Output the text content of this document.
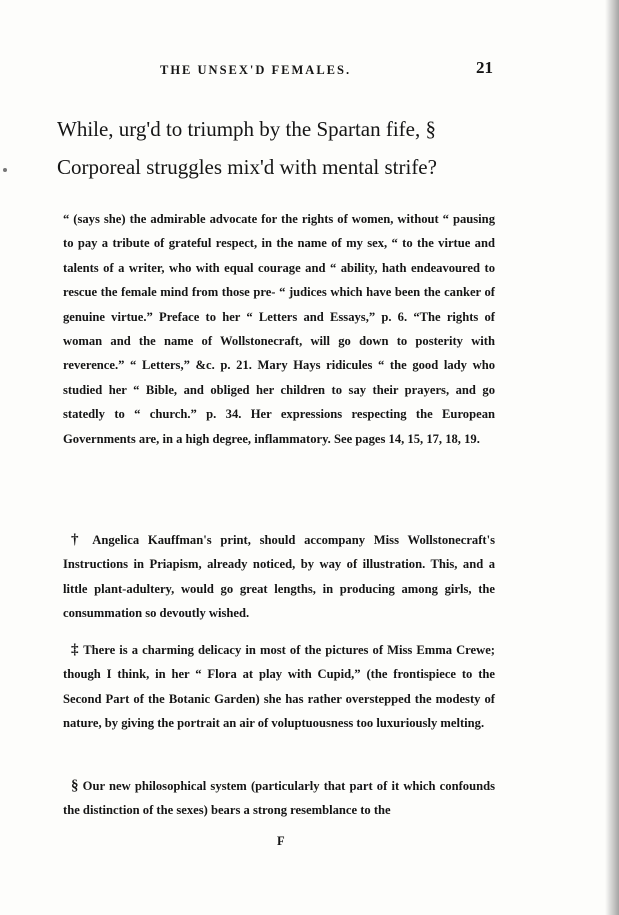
THE UNSEX'D FEMALES.	21
While, urg'd to triumph by the Spartan fife, §
Corporeal struggles mix'd with mental strife?
“ (says she) the admirable advocate for the rights of women, without “ pausing to pay a tribute of grateful respect, in the name of my sex, “ to the virtue and talents of a writer, who with equal courage and “ ability, hath endeavoured to rescue the female mind from those pre- “ judices which have been the canker of genuine virtue.” Preface to her “ Letters and Essays,” p. 6. “The rights of woman and the name of Wollstonecraft, will go down to posterity with reverence.” “ Letters,” &c. p. 21. Mary Hays ridicules “ the good lady who studied her “ Bible, and obliged her children to say their prayers, and go statedly to “ church.” p. 34. Her expressions respecting the European Governments are, in a high degree, inflammatory. See pages 14, 15, 17, 18, 19.
† Angelica Kauffman's print, should accompany Miss Wollstonecraft's Instructions in Priapism, already noticed, by way of illustration. This, and a little plant-adultery, would go great lengths, in producing among girls, the consummation so devoutly wished.
‡ There is a charming delicacy in most of the pictures of Miss Emma Crewe; though I think, in her “ Flora at play with Cupid,” (the frontispiece to the Second Part of the Botanic Garden) she has rather overstepped the modesty of nature, by giving the portrait an air of voluptuousness too luxuriously melting.
§ Our new philosophical system (particularly that part of it which confounds the distinction of the sexes) bears a strong resemblance to the
F
